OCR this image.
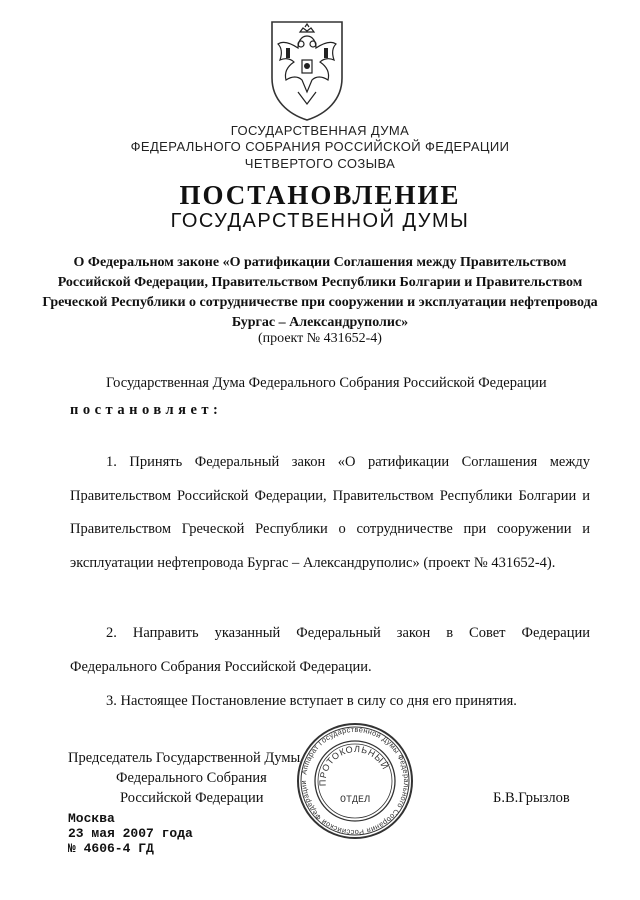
ГОСУДАРСТВЕННАЯ ДУМА
ФЕДЕРАЛЬНОГО СОБРАНИЯ РОССИЙСКОЙ ФЕДЕРАЦИИ
ЧЕТВЕРТОГО СОЗЫВА
ПОСТАНОВЛЕНИЕ
ГОСУДАРСТВЕННОЙ ДУМЫ
О Федеральном законе «О ратификации Соглашения между Правительством Российской Федерации, Правительством Республики Болгарии и Правительством Греческой Республики о сотрудничестве при сооружении и эксплуатации нефтепровода Бургас – Александруполис»
(проект № 431652-4)
Государственная Дума Федерального Собрания Российской Федерации
постановляет:
1. Принять Федеральный закон «О ратификации Соглашения между Правительством Российской Федерации, Правительством Республики Болгарии и Правительством Греческой Республики о сотрудничестве при сооружении и эксплуатации нефтепровода Бургас – Александруполис» (проект № 431652-4).
2. Направить указанный Федеральный закон в Совет Федерации Федерального Собрания Российской Федерации.
3. Настоящее Постановление вступает в силу со дня его принятия.
Председатель Государственной Думы
Федерального Собрания
Российской Федерации	Б.В.Грызлов
Аппарат Государственной Думы Федерального Собрания Российской Федерации	ПРОТОКОЛЬНЫЙ
ОТДЕЛ
Москва
23 мая 2007 года
№ 4606-4 ГД
